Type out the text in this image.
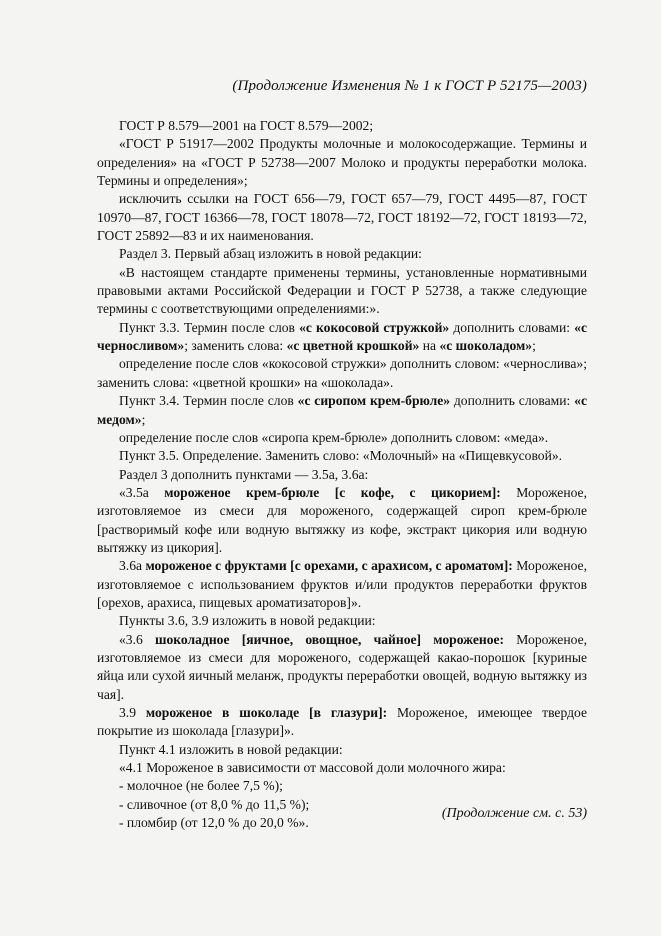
(Продолжение Изменения № 1 к ГОСТ Р 52175—2003)

ГОСТ Р 8.579—2001 на ГОСТ 8.579—2002;

«ГОСТ Р 51917—2002 Продукты молочные и молокосодержащие. Термины и определения» на «ГОСТ Р 52738—2007 Молоко и продукты переработки молока. Термины и определения»;

исключить ссылки на ГОСТ 656—79, ГОСТ 657—79, ГОСТ 4495—87, ГОСТ 10970—87, ГОСТ 16366—78, ГОСТ 18078—72, ГОСТ 18192—72, ГОСТ 18193—72, ГОСТ 25892—83 и их наименования.

Раздел 3. Первый абзац изложить в новой редакции:

«В настоящем стандарте применены термины, установленные нормативными правовыми актами Российской Федерации и ГОСТ Р 52738, а также следующие термины с соответствующими определениями:».

Пункт 3.3. Термин после слов «с кокосовой стружкой» дополнить словами: «с черносливом»; заменить слова: «с цветной крошкой» на «с шоколадом»;

определение после слов «кокосовой стружки» дополнить словом: «чернослива»; заменить слова: «цветной крошки» на «шоколада».

Пункт 3.4. Термин после слов «с сиропом крем-брюле» дополнить словами: «с медом»;

определение после слов «сиропа крем-брюле» дополнить словом: «меда».

Пункт 3.5. Определение. Заменить слово: «Молочный» на «Пищевкусовой».

Раздел 3 дополнить пунктами — 3.5а, 3.6а:

«3.5а мороженое крем-брюле [с кофе, с цикорием]: Мороженое, изготовляемое из смеси для мороженого, содержащей сироп крем-брюле [растворимый кофе или водную вытяжку из кофе, экстракт цикория или водную вытяжку из цикория].

3.6а мороженое с фруктами [с орехами, с арахисом, с ароматом]: Мороженое, изготовляемое с использованием фруктов и/или продуктов переработки фруктов [орехов, арахиса, пищевых ароматизаторов]».

Пункты 3.6, 3.9 изложить в новой редакции:

«3.6 шоколадное [яичное, овощное, чайное] мороженое: Мороженое, изготовляемое из смеси для мороженого, содержащей какао-порошок [куриные яйца или сухой яичный меланж, продукты переработки овощей, водную вытяжку из чая].

3.9 мороженое в шоколаде [в глазури]: Мороженое, имеющее твердое покрытие из шоколада [глазури]».

Пункт 4.1 изложить в новой редакции:

«4.1 Мороженое в зависимости от массовой доли молочного жира:

- молочное (не более 7,5 %);

- сливочное (от 8,0 % до 11,5 %);

- пломбир (от 12,0 % до 20,0 %».

(Продолжение см. с. 53)
